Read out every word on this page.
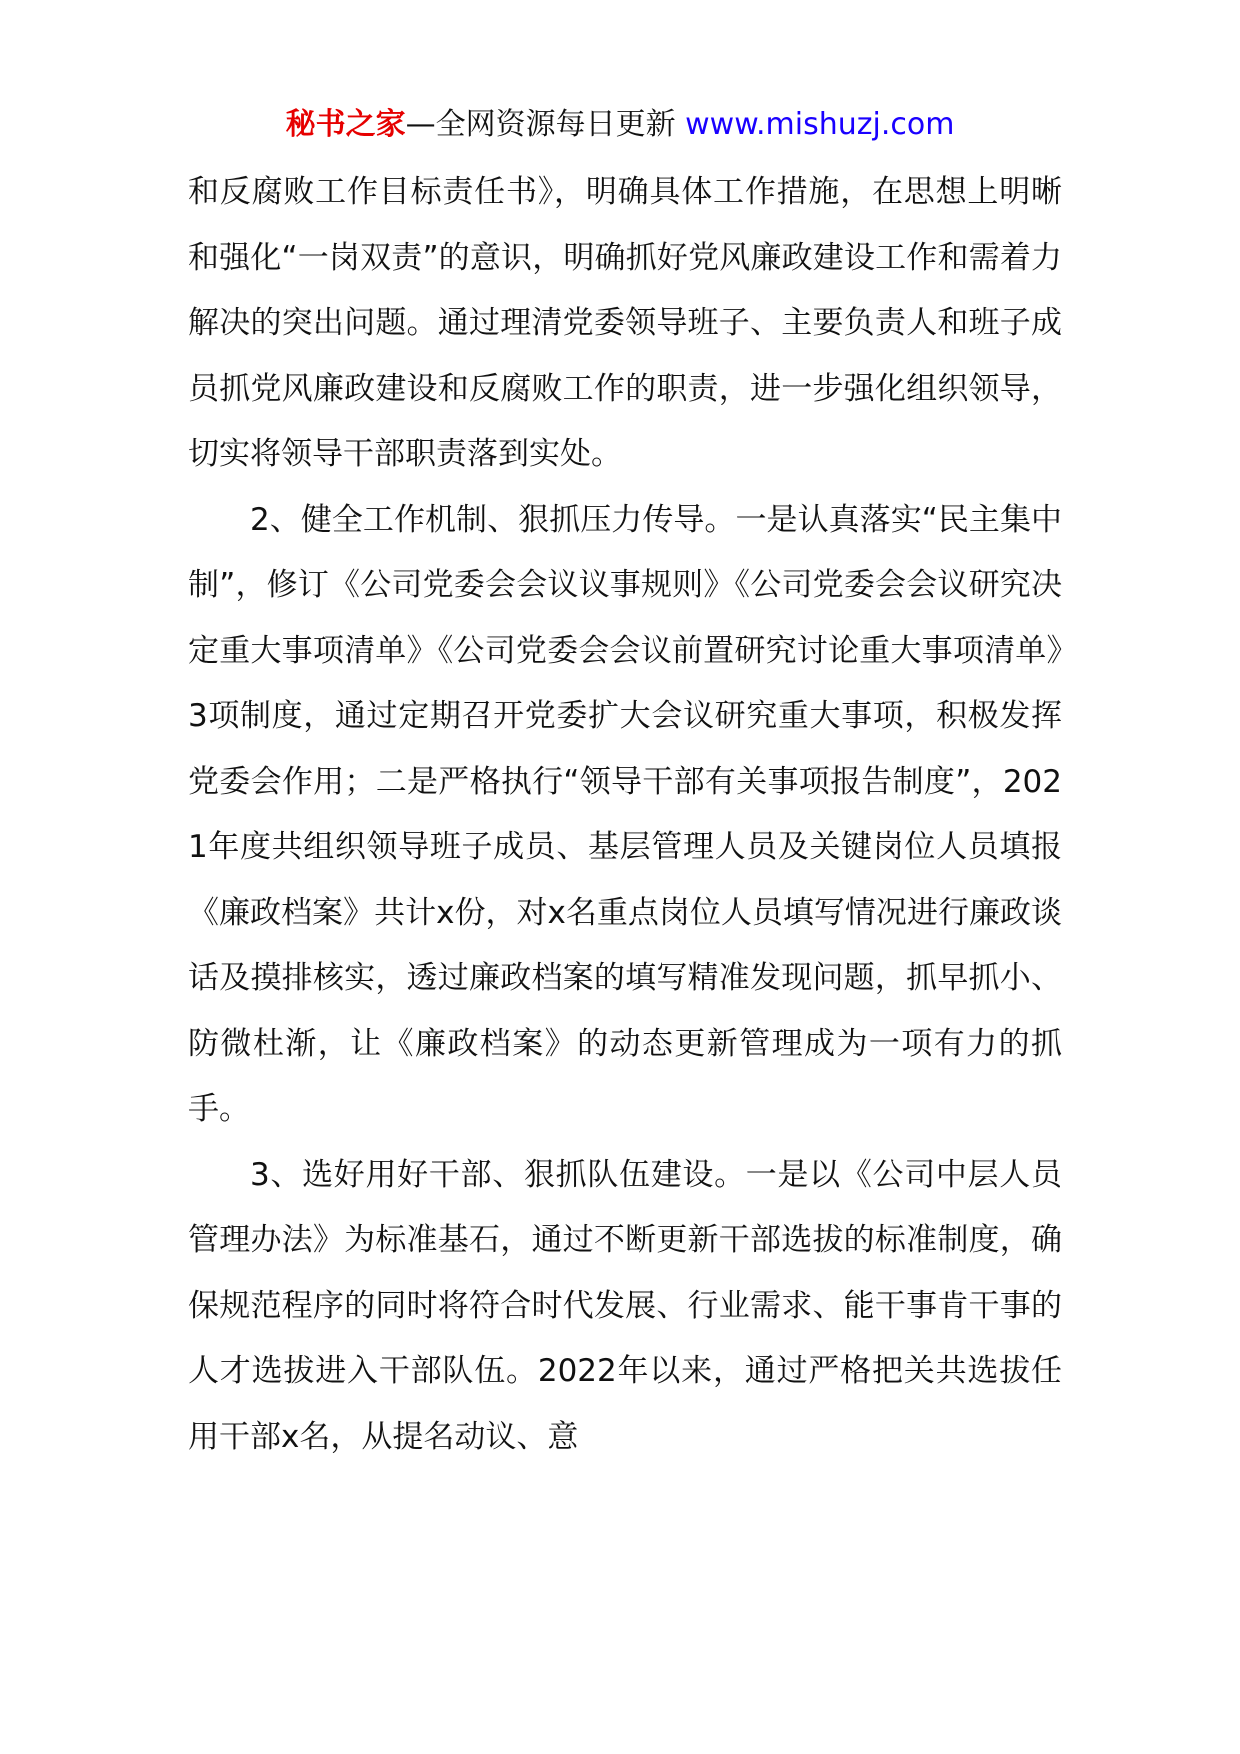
秘书之家—全网资源每日更新 www.mishuzj.com

和反腐败工作目标责任书》，明确具体工作措施，在思想上明晰和强化“一岗双责”的意识，明确抓好党风廉政建设工作和需着力解决的突出问题。通过理清党委领导班子、主要负责人和班子成员抓党风廉政建设和反腐败工作的职责，进一步强化组织领导，切实将领导干部职责落到实处。

2、健全工作机制、狠抓压力传导。一是认真落实“民主集中制”，修订《公司党委会会议议事规则》《公司党委会会议研究决定重大事项清单》《公司党委会会议前置研究讨论重大事项清单》3项制度，通过定期召开党委扩大会议研究重大事项，积极发挥党委会作用；二是严格执行“领导干部有关事项报告制度”，2021年度共组织领导班子成员、基层管理人员及关键岗位人员填报《廉政档案》共计x份，对x名重点岗位人员填写情况进行廉政谈话及摸排核实，透过廉政档案的填写精准发现问题，抓早抓小、防微杜渐，让《廉政档案》的动态更新管理成为一项有力的抓手。

3、选好用好干部、狠抓队伍建设。一是以《公司中层人员管理办法》为标准基石，通过不断更新干部选拔的标准制度，确保规范程序的同时将符合时代发展、行业需求、能干事肯干事的人才选拔进入干部队伍。2022年以来，通过严格把关共选拔任用干部x名，从提名动议、意
